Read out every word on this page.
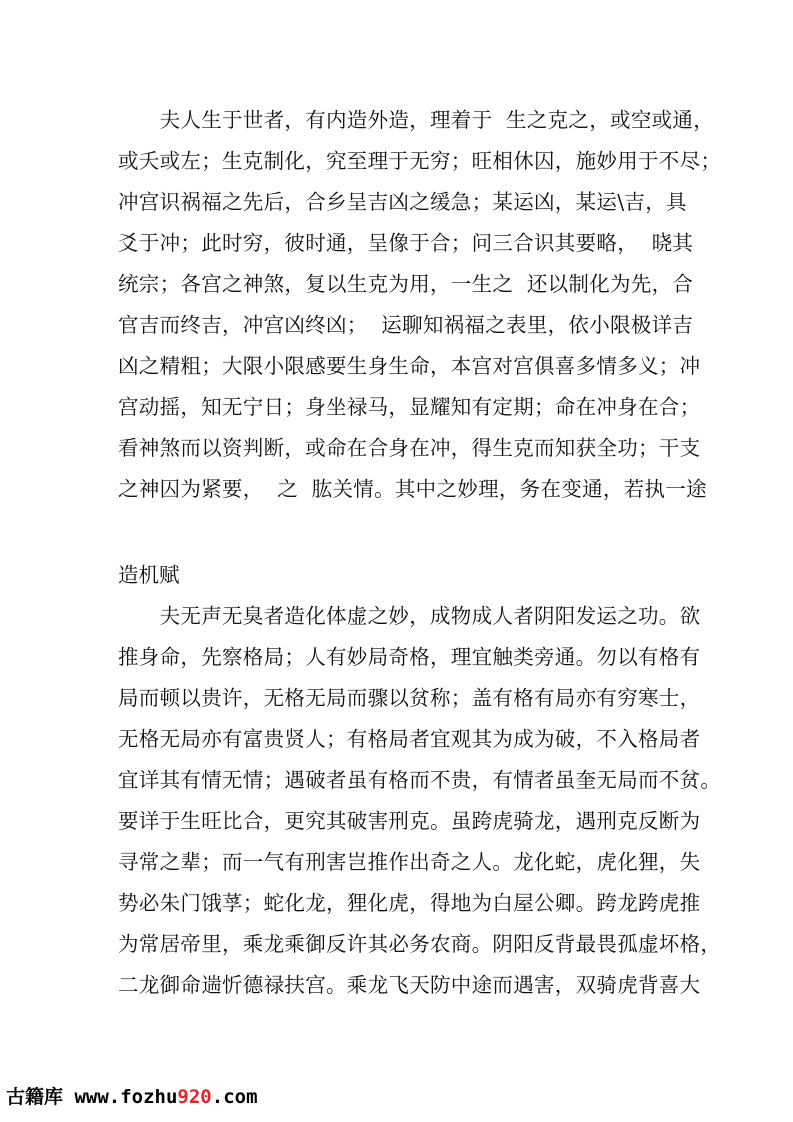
　　夫人生于世者，有内造外造，理着于  生之克之，或空或通，
或夭或左；生克制化，究至理于无穷；旺相休囚，施妙用于不尽；
冲宫识祸福之先后，合乡呈吉凶之缓急；某运凶，某运\吉，具
爻于冲；此时穷，彼时通，呈像于合；问三合识其要略，  晓其
统宗；各宫之神煞，复以生克为用，一生之  还以制化为先，合
官吉而终吉，冲宫凶终凶；  运聊知祸福之表里，依小限极详吉
凶之精粗；大限小限感要生身生命，本宫对宫俱喜多情多义；冲
宫动摇，知无宁日；身坐禄马，显耀知有定期；命在冲身在合；
看神煞而以资判断，或命在合身在冲，得生克而知获全功；干支
之神囚为紧要，  之  肱关情。其中之妙理，务在变通，若执一途
造机赋
　　夫无声无臭者造化体虚之妙，成物成人者阴阳发运之功。欲
推身命，先察格局；人有妙局奇格，理宜触类旁通。勿以有格有
局而顿以贵许，无格无局而骤以贫称；盖有格有局亦有穷寒士，
无格无局亦有富贵贤人；有格局者宜观其为成为破，不入格局者
宜详其有情无情；遇破者虽有格而不贵，有情者虽奎无局而不贫。
要详于生旺比合，更究其破害刑克。虽跨虎骑龙，遇刑克反断为
寻常之辈；而一气有刑害岂推作出奇之人。龙化蛇，虎化狸，失
势必朱门饿莩；蛇化龙，狸化虎，得地为白屋公卿。跨龙跨虎推
为常居帝里，乘龙乘御反许其必务农商。阴阳反背最畏孤虚坏格，
二龙御命遄忻德禄扶宫。乘龙飞天防中途而遇害，双骑虎背喜大
古籍库 www.fozhu920.com
